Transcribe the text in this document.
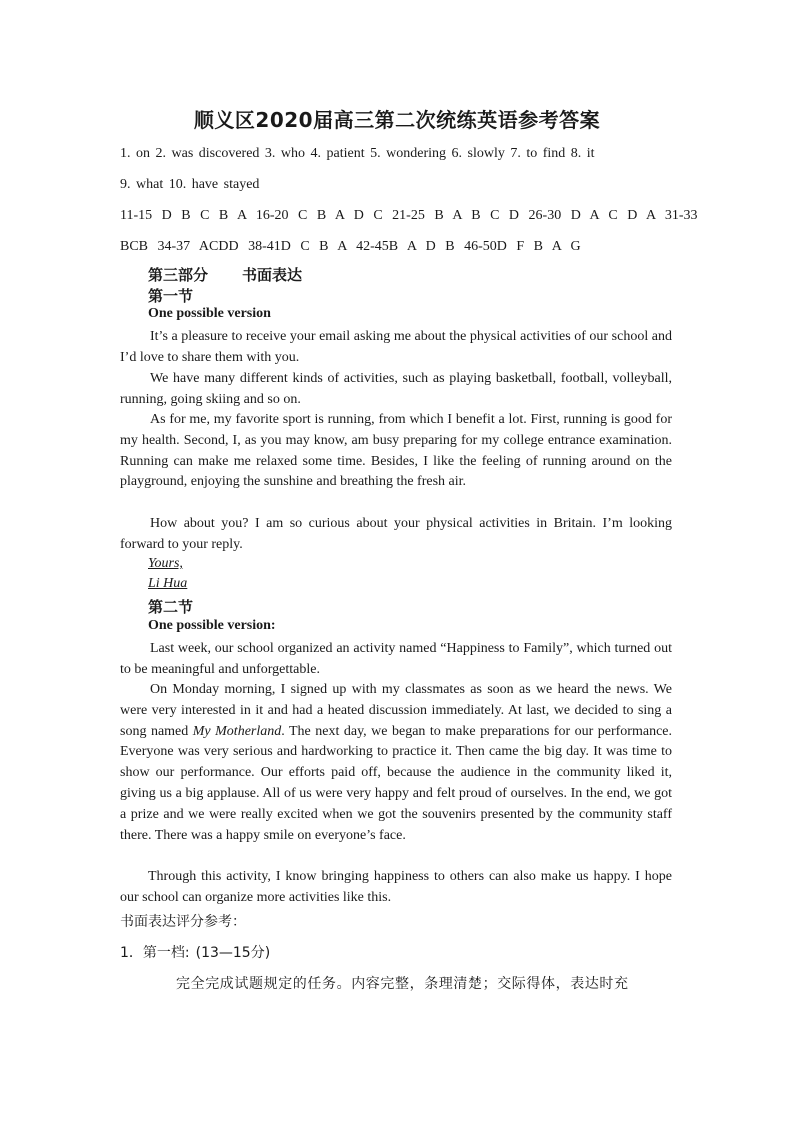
顺义区2020届高三第二次统练英语参考答案
1. on 2. was discovered 3. who 4. patient 5. wondering 6. slowly 7. to find 8. it
9. what 10. have stayed
11-15 D B C B A 16-20 C B A D C 21-25 B A B C D 26-30 D A C D A 31-33
BCB 34-37 ACDD 38-41D C B A 42-45B A D B 46-50D F B A G
第三部分 书面表达
第一节
One possible version
It’s a pleasure to receive your email asking me about the physical activities of our school and I’d love to share them with you.
We have many different kinds of activities, such as playing basketball, football, volleyball, running, going skiing and so on.
As for me, my favorite sport is running, from which I benefit a lot. First, running is good for my health. Second, I, as you may know, am busy preparing for my college entrance examination. Running can make me relaxed some time. Besides, I like the feeling of running around on the playground, enjoying the sunshine and breathing the fresh air.
How about you? I am so curious about your physical activities in Britain. I’m looking forward to your reply.
Yours,
Li Hua
第二节
One possible version:
Last week, our school organized an activity named “Happiness to Family”, which turned out to be meaningful and unforgettable.
On Monday morning, I signed up with my classmates as soon as we heard the news. We were very interested in it and had a heated discussion immediately. At last, we decided to sing a song named My Motherland. The next day, we began to make preparations for our performance. Everyone was very serious and hardworking to practice it. Then came the big day. It was time to show our performance. Our efforts paid off, because the audience in the community liked it, giving us a big applause. All of us were very happy and felt proud of ourselves. In the end, we got a prize and we were really excited when we got the souvenirs presented by the community staff there. There was a happy smile on everyone’s face.
Through this activity, I know bringing happiness to others can also make us happy. I hope our school can organize more activities like this.
书面表达评分参考：
1．第一档: (13—15分)
完全完成试题规定的任务。内容完整，条理清楚；交际得体，表达时充
